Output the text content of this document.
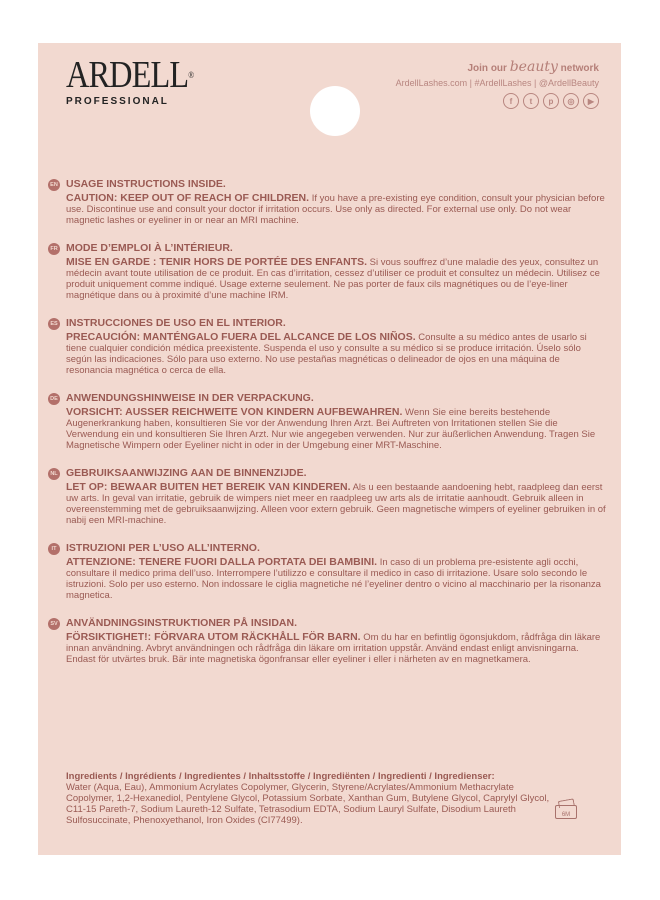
ARDELL®
PROFESSIONAL
Join our beauty network
ArdellLashes.com | #ArdellLashes | @ArdellBeauty
f	t	p	◎	▶
EN USAGE INSTRUCTIONS INSIDE.
CAUTION: KEEP OUT OF REACH OF CHILDREN. If you have a pre-existing eye condition, consult your physician before use. Discontinue use and consult your doctor if irritation occurs. Use only as directed. For external use only. Do not wear magnetic lashes or eyeliner in or near an MRI machine.
FR MODE D’EMPLOI À L’INTÉRIEUR.
MISE EN GARDE : TENIR HORS DE PORTÉE DES ENFANTS. Si vous souffrez d’une maladie des yeux, consultez un médecin avant toute utilisation de ce produit. En cas d’irritation, cessez d’utiliser ce produit et consultez un médecin. Utilisez ce produit uniquement comme indiqué. Usage externe seulement. Ne pas porter de faux cils magnétiques ou de l’eye-liner magnétique dans ou à proximité d’une machine IRM.
ES INSTRUCCIONES DE USO EN EL INTERIOR.
PRECAUCIÓN: MANTÉNGALO FUERA DEL ALCANCE DE LOS NIÑOS. Consulte a su médico antes de usarlo si tiene cualquier condición médica preexistente. Suspenda el uso y consulte a su médico si se produce irritación. Úselo sólo según las indicaciones. Sólo para uso externo. No use pestañas magnéticas o delineador de ojos en una máquina de resonancia magnética o cerca de ella.
DE ANWENDUNGSHINWEISE IN DER VERPACKUNG.
VORSICHT: AUSSER REICHWEITE VON KINDERN AUFBEWAHREN. Wenn Sie eine bereits bestehende Augenerkrankung haben, konsultieren Sie vor der Anwendung Ihren Arzt. Bei Auftreten von Irritationen stellen Sie die Verwendung ein und konsultieren Sie Ihren Arzt. Nur wie angegeben verwenden. Nur zur äußerlichen Anwendung. Tragen Sie Magnetische Wimpern oder Eyeliner nicht in oder in der Umgebung einer MRT-Maschine.
NL GEBRUIKSAANWIJZING AAN DE BINNENZIJDE.
LET OP: BEWAAR BUITEN HET BEREIK VAN KINDEREN. Als u een bestaande aandoening hebt, raadpleeg dan eerst uw arts. In geval van irritatie, gebruik de wimpers niet meer en raadpleeg uw arts als de irritatie aanhoudt. Gebruik alleen in overeenstemming met de gebruiksaanwijzing. Alleen voor extern gebruik. Geen magnetische wimpers of eyeliner gebruiken in of nabij een MRI-machine.
IT ISTRUZIONI PER L’USO ALL’INTERNO.
ATTENZIONE: TENERE FUORI DALLA PORTATA DEI BAMBINI. In caso di un problema pre-esistente agli occhi, consultare il medico prima dell’uso. Interrompere l’utilizzo e consultare il medico in caso di irritazione. Usare solo secondo le istruzioni. Solo per uso esterno. Non indossare le ciglia magnetiche né l’eyeliner dentro o vicino al macchinario per la risonanza magnetica.
SV ANVÄNDNINGSINSTRUKTIONER PÅ INSIDAN.
FÖRSIKTIGHET!: FÖRVARA UTOM RÄCKHÅLL FÖR BARN. Om du har en befintlig ögonsjukdom, rådfråga din läkare innan användning. Avbryt användningen och rådfråga din läkare om irritation uppstår. Använd endast enligt anvisningarna. Endast för utvärtes bruk. Bär inte magnetiska ögonfransar eller eyeliner i eller i närheten av en magnetkamera.
Ingredients / Ingrédients / Ingredientes / Inhaltsstoffe / Ingrediënten / Ingredienti / Ingredienser:
Water (Aqua, Eau), Ammonium Acrylates Copolymer, Glycerin, Styrene/Acrylates/Ammonium Methacrylate Copolymer, 1,2-Hexanediol, Pentylene Glycol, Potassium Sorbate, Xanthan Gum, Butylene Glycol, Caprylyl Glycol, C11-15 Pareth-7, Sodium Laureth-12 Sulfate, Tetrasodium EDTA, Sodium Lauryl Sulfate, Disodium Laureth Sulfosuccinate, Phenoxyethanol, Iron Oxides (CI77499).	6M
